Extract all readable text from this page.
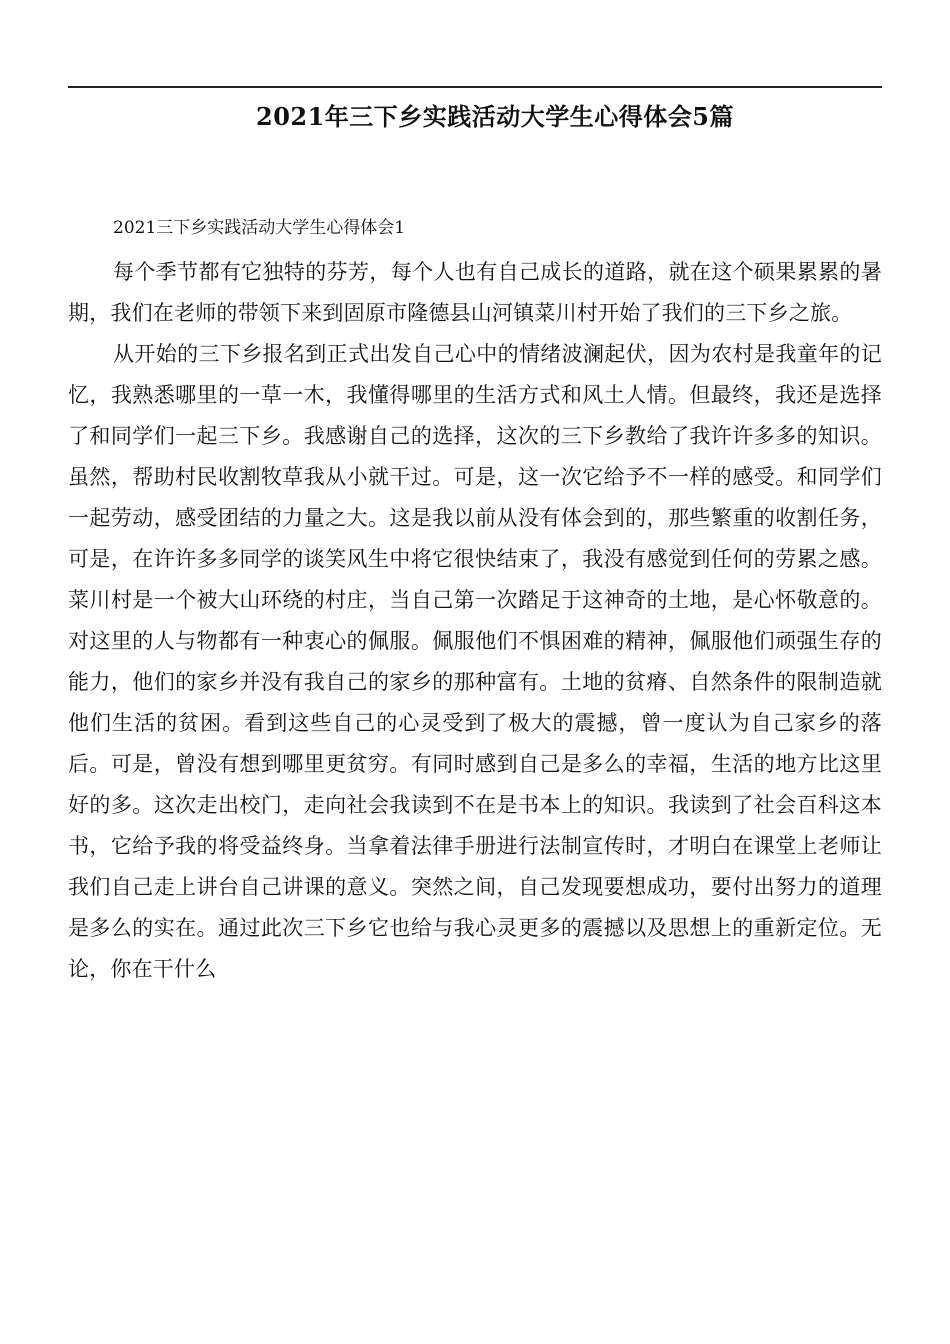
2021年三下乡实践活动大学生心得体会5篇

2021三下乡实践活动大学生心得体会1

每个季节都有它独特的芬芳，每个人也有自己成长的道路，就在这个硕果累累的暑期，我们在老师的带领下来到固原市隆德县山河镇菜川村开始了我们的三下乡之旅。

从开始的三下乡报名到正式出发自己心中的情绪波澜起伏，因为农村是我童年的记忆，我熟悉哪里的一草一木，我懂得哪里的生活方式和风土人情。但最终，我还是选择了和同学们一起三下乡。我感谢自己的选择，这次的三下乡教给了我许许多多的知识。虽然，帮助村民收割牧草我从小就干过。可是，这一次它给予不一样的感受。和同学们一起劳动，感受团结的力量之大。这是我以前从没有体会到的，那些繁重的收割任务，可是，在许许多多同学的谈笑风生中将它很快结束了，我没有感觉到任何的劳累之感。菜川村是一个被大山环绕的村庄，当自己第一次踏足于这神奇的土地，是心怀敬意的。对这里的人与物都有一种衷心的佩服。佩服他们不惧困难的精神，佩服他们顽强生存的能力，他们的家乡并没有我自己的家乡的那种富有。土地的贫瘠、自然条件的限制造就他们生活的贫困。看到这些自己的心灵受到了极大的震撼，曾一度认为自己家乡的落后。可是，曾没有想到哪里更贫穷。有同时感到自己是多么的幸福，生活的地方比这里好的多。这次走出校门，走向社会我读到不在是书本上的知识。我读到了社会百科这本书，它给予我的将受益终身。当拿着法律手册进行法制宣传时，才明白在课堂上老师让我们自己走上讲台自己讲课的意义。突然之间，自己发现要想成功，要付出努力的道理是多么的实在。通过此次三下乡它也给与我心灵更多的震撼以及思想上的重新定位。无论，你在干什么
